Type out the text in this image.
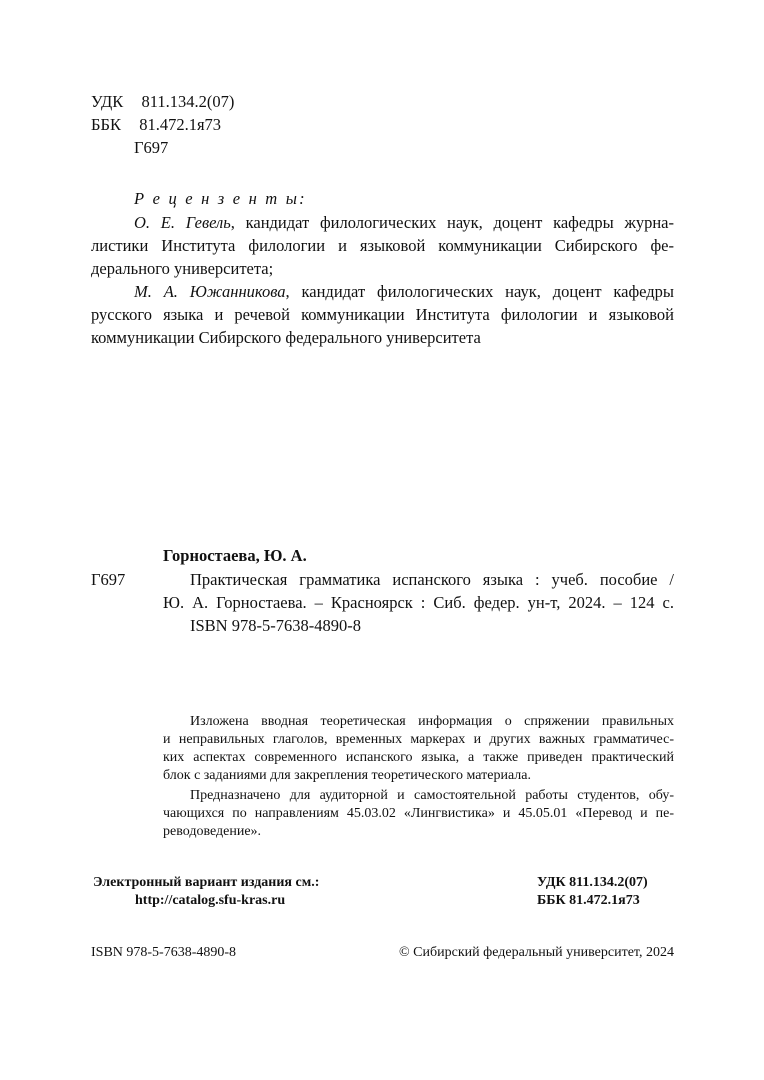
УДК 811.134.2(07)
ББК 81.472.1я73
Г697
Р е ц е н з е н т ы:
О. Е. Гевель, кандидат филологических наук, доцент кафедры журна-
листики Института филологии и языковой коммуникации Сибирского фе-
дерального университета;
М. А. Южанникова, кандидат филологических наук, доцент кафедры
русского языка и речевой коммуникации Института филологии и языковой
коммуникации Сибирского федерального университета
Горностаева, Ю. А.
Г697	Практическая грамматика испанского языка : учеб. пособие /
Ю. А. Горностаева. – Красноярск : Сиб. федер. ун-т, 2024. – 124 с.
ISBN 978-5-7638-4890-8
Изложена вводная теоретическая информация о спряжении правильных
и неправильных глаголов, временных маркерах и других важных грамматичес-
ких аспектах современного испанского языка, а также приведен практический
блок с заданиями для закрепления теоретического материала.
Предназначено для аудиторной и самостоятельной работы студентов, обу-
чающихся по направлениям 45.03.02 «Лингвистика» и 45.05.01 «Перевод и пе-
реводоведение».
Электронный вариант издания см.:
http://catalog.sfu-kras.ru
УДК 811.134.2(07)
ББК 81.472.1я73
ISBN 978-5-7638-4890-8	© Сибирский федеральный университет, 2024
